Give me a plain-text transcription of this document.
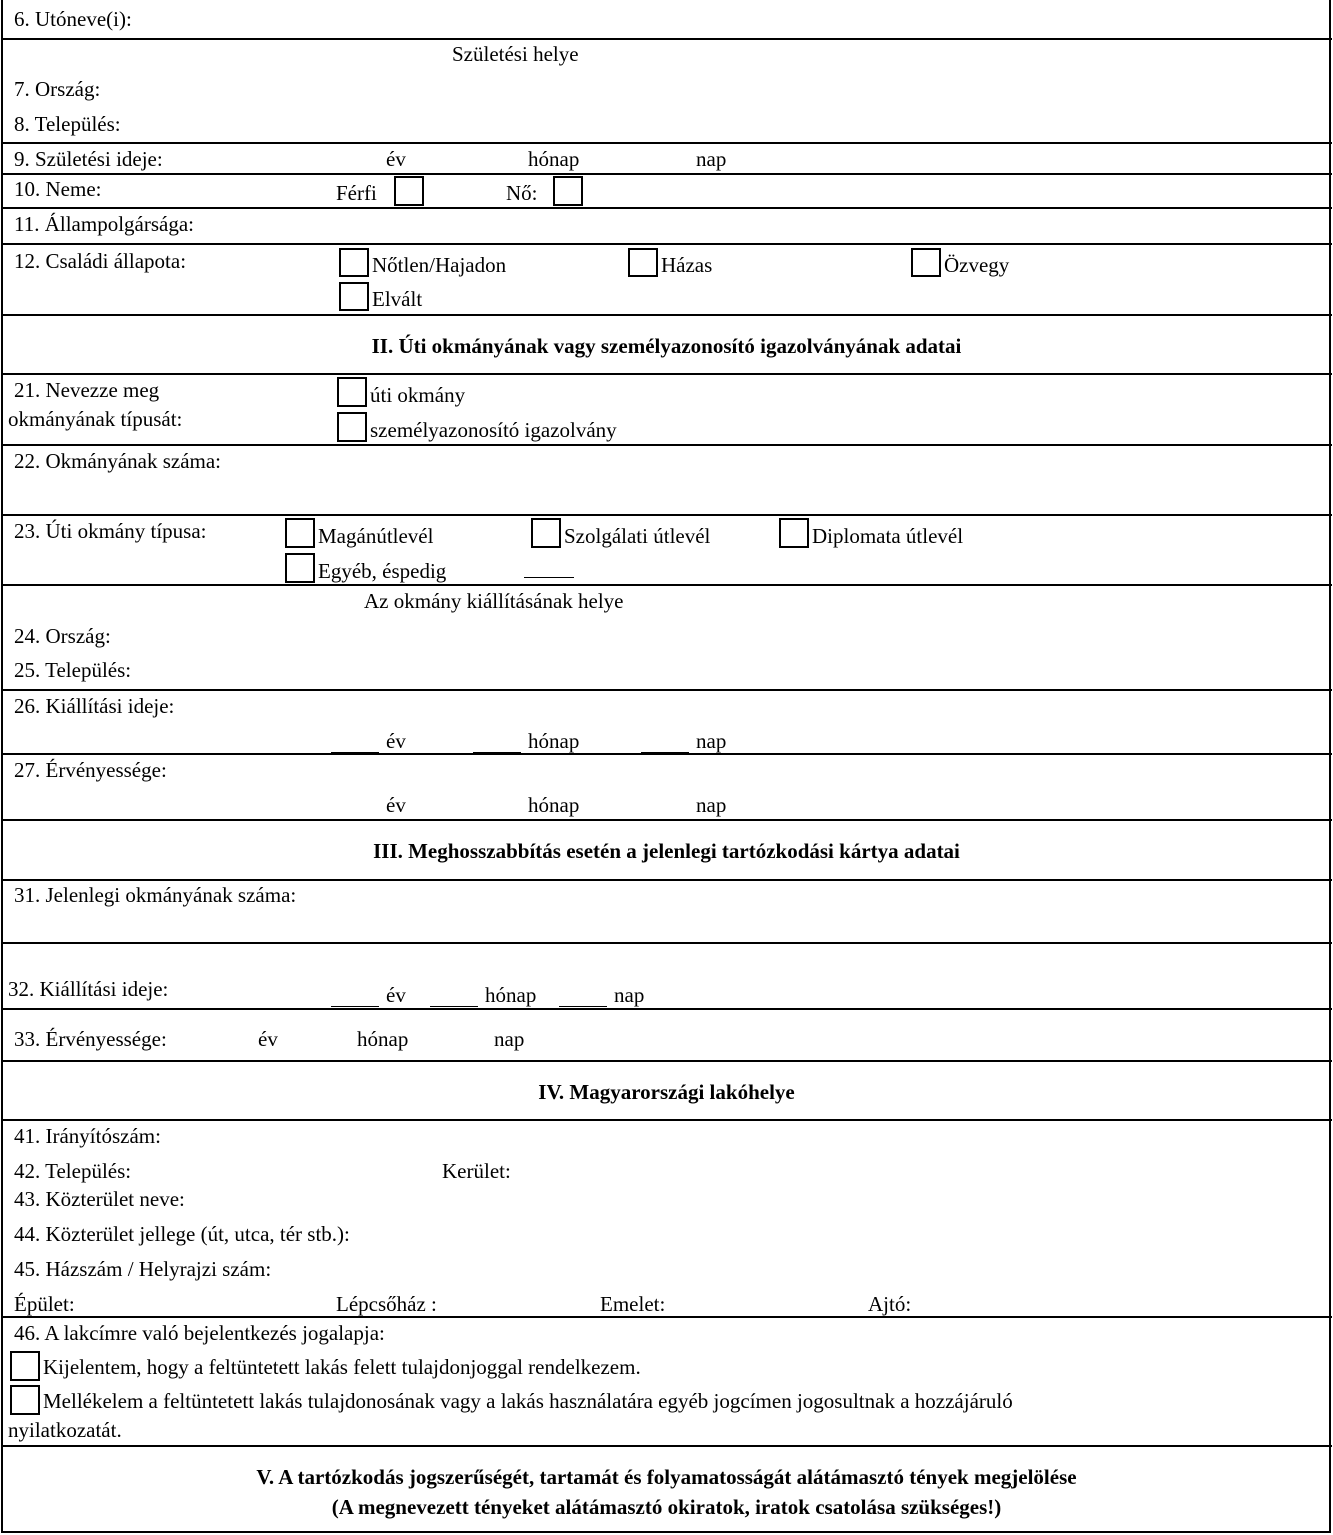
6. Utóneve(i):
Születési helye
7. Ország:
8. Település:
9. Születési ideje:	év	hónap	nap
10. Neme:	Férfi	Nő:
11. Állampolgársága:
12. Családi állapota:	Nőtlen/Hajadon	Házas	Özvegy
Elvált
II. Úti okmányának vagy személyazonosító igazolványának adatai
21. Nevezze meg
okmányának típusát:
úti okmány
személyazonosító igazolvány
22. Okmányának száma:
23. Úti okmány típusa:	Magánútlevél	Szolgálati útlevél	Diplomata útlevél
Egyéb, éspedig
Az okmány kiállításának helye
24. Ország:
25. Település:
26. Kiállítási ideje:
év	hónap	nap
27. Érvényessége:
év	hónap	nap
III. Meghosszabbítás esetén a jelenlegi tartózkodási kártya adatai
31. Jelenlegi okmányának száma:
32. Kiállítási ideje:	év	hónap	nap
33. Érvényessége:	év	hónap	nap
IV. Magyarországi lakóhelye
41. Irányítószám:
42. Település:	Kerület:
43. Közterület neve:
44. Közterület jellege (út, utca, tér stb.):
45. Házszám / Helyrajzi szám:
Épület:	Lépcsőház :	Emelet:	Ajtó:
46. A lakcímre való bejelentkezés jogalapja:
Kijelentem, hogy a feltüntetett lakás felett tulajdonjoggal rendelkezem.
Mellékelem a feltüntetett lakás tulajdonosának vagy a lakás használatára egyéb jogcímen jogosultnak a hozzájáruló
nyilatkozatát.
V. A tartózkodás jogszerűségét, tartamát és folyamatosságát alátámasztó tények megjelölése
(A megnevezett tényeket alátámasztó okiratok, iratok csatolása szükséges!)
